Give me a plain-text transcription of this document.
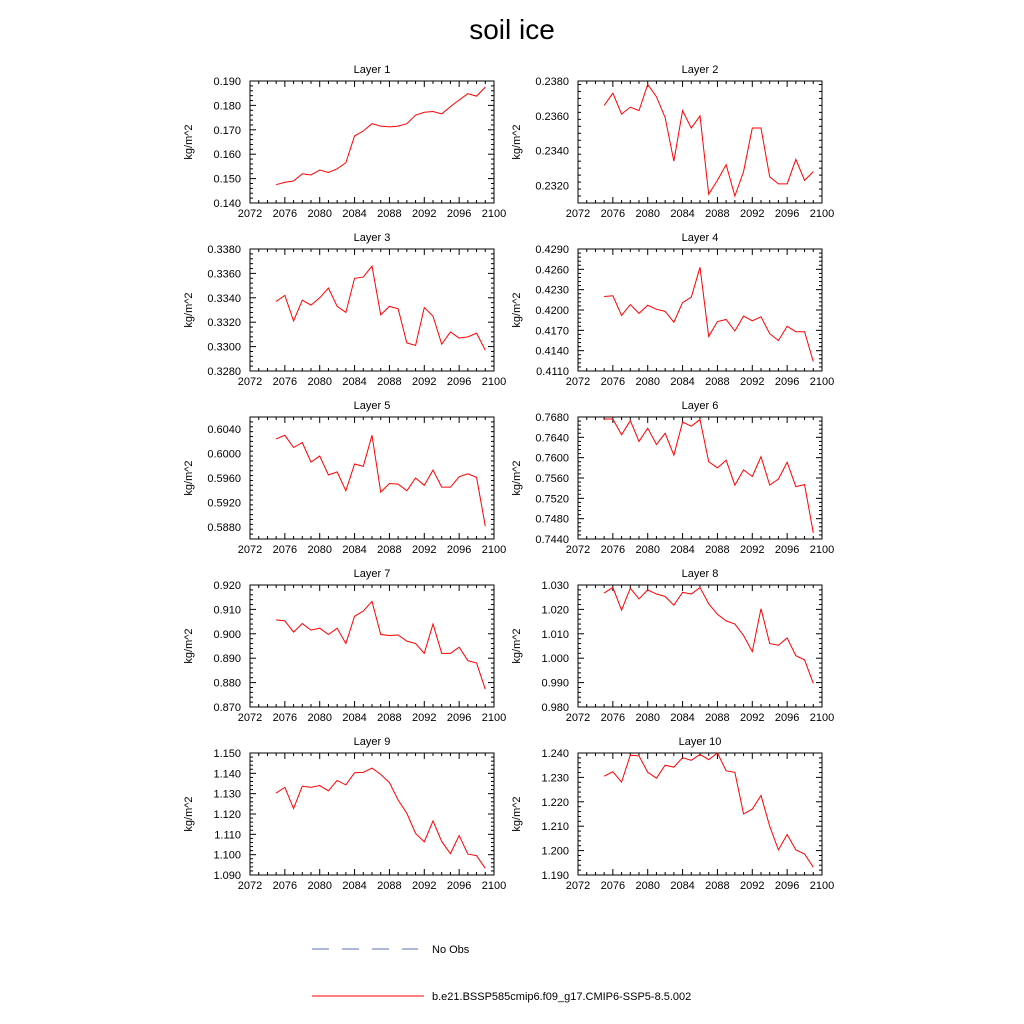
soil ice
Layer 1
kg/m^2
2072 2076 2080 2084 2088 2092 2096 2100
0.140
0.150
0.160
0.170
0.180
0.190
Layer 2
kg/m^2
2072 2076 2080 2084 2088 2092 2096 2100
0.2320
0.2340
0.2360
0.2380
Layer 3
kg/m^2
2072 2076 2080 2084 2088 2092 2096 2100
0.3280
0.3300
0.3320
0.3340
0.3360
0.3380
Layer 4
kg/m^2
2072 2076 2080 2084 2088 2092 2096 2100
0.4110
0.4140
0.4170
0.4200
0.4230
0.4260
0.4290
Layer 5
kg/m^2
2072 2076 2080 2084 2088 2092 2096 2100
0.5880
0.5920
0.5960
0.6000
0.6040
Layer 6
kg/m^2
2072 2076 2080 2084 2088 2092 2096 2100
0.7440
0.7480
0.7520
0.7560
0.7600
0.7640
0.7680
Layer 7
kg/m^2
2072 2076 2080 2084 2088 2092 2096 2100
0.870
0.880
0.890
0.900
0.910
0.920
Layer 8
kg/m^2
2072 2076 2080 2084 2088 2092 2096 2100
0.980
0.990
1.000
1.010
1.020
1.030
Layer 9
kg/m^2
2072 2076 2080 2084 2088 2092 2096 2100
1.090
1.100
1.110
1.120
1.130
1.140
1.150
Layer 10
kg/m^2
2072 2076 2080 2084 2088 2092 2096 2100
1.190
1.200
1.210
1.220
1.230
1.240
No Obs
b.e21.BSSP585cmip6.f09_g17.CMIP6-SSP5-8.5.002
